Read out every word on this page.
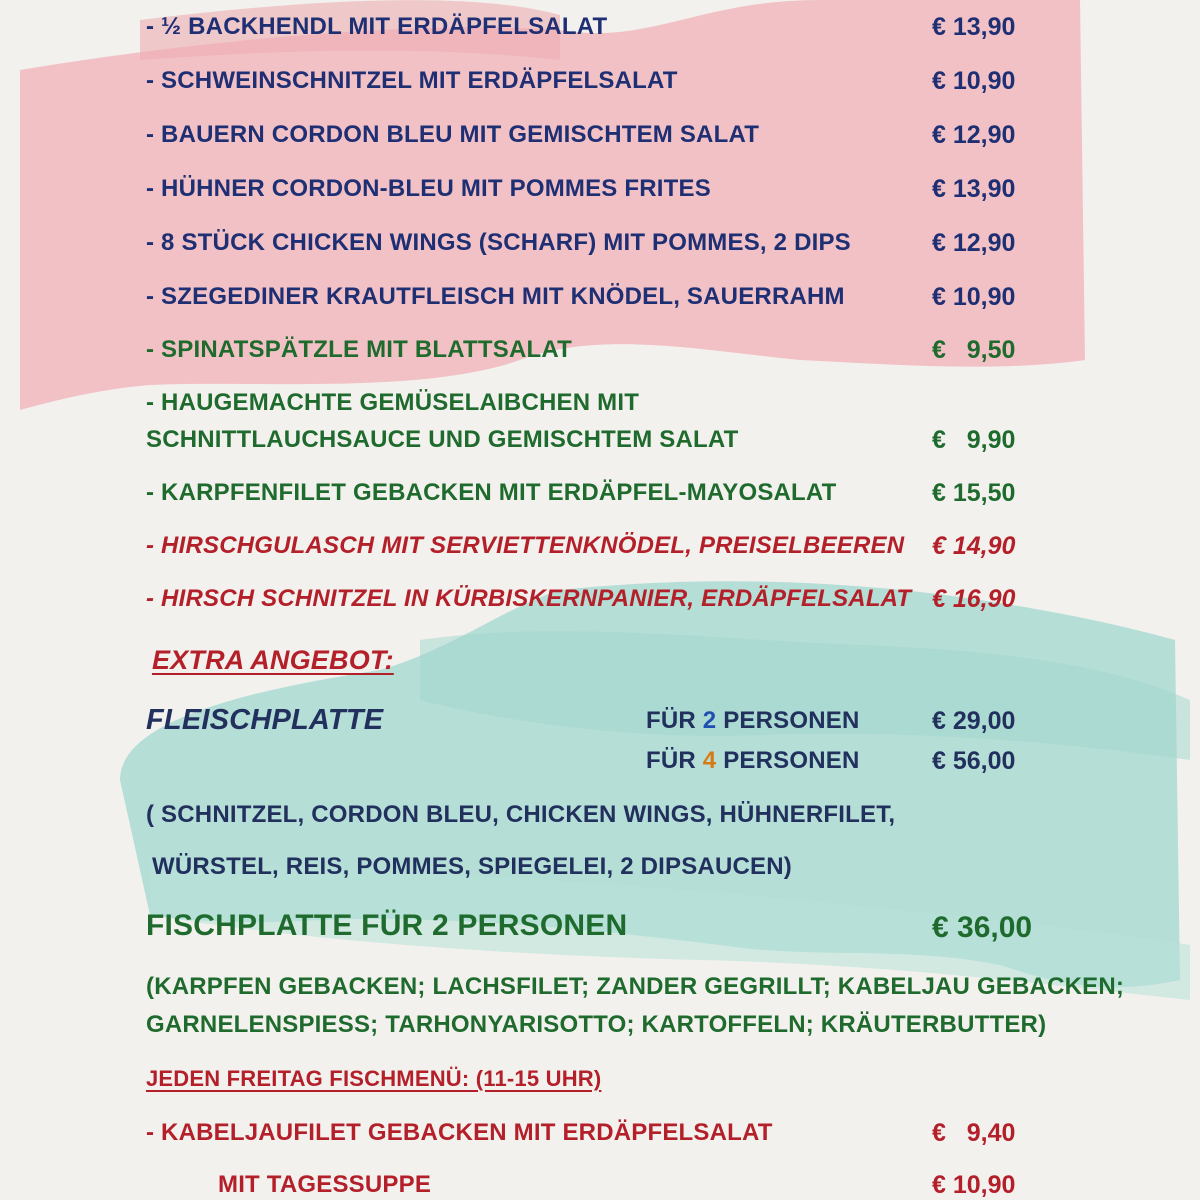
- ½ BACKHENDL MIT ERDÄPFELSALAT	€ 13,90
- SCHWEINSCHNITZEL MIT ERDÄPFELSALAT	€ 10,90
- BAUERN CORDON BLEU MIT GEMISCHTEM SALAT	€ 12,90
- HÜHNER CORDON-BLEU MIT POMMES FRITES	€ 13,90
- 8 STÜCK CHICKEN WINGS (SCHARF) MIT POMMES, 2 DIPS	€ 12,90
- SZEGEDINER KRAUTFLEISCH MIT KNÖDEL, SAUERRAHM	€ 10,90
- SPINATSPÄTZLE MIT BLATTSALAT	€   9,50
- HAUGEMACHTE GEMÜSELAIBCHEN MIT
SCHNITTLAUCHSAUCE UND GEMISCHTEM SALAT	€   9,90
- KARPFENFILET GEBACKEN MIT ERDÄPFEL-MAYOSALAT	€ 15,50
- HIRSCHGULASCH MIT SERVIETTENKNÖDEL, PREISELBEEREN € 14,90
- HIRSCH SCHNITZEL IN KÜRBISKERNPANIER, ERDÄPFELSALAT € 16,90
EXTRA ANGEBOT:
FLEISCHPLATTE	FÜR 2 PERSONEN	€ 29,00
FÜR 4 PERSONEN	€ 56,00
( SCHNITZEL, CORDON BLEU, CHICKEN WINGS, HÜHNERFILET,
WÜRSTEL, REIS, POMMES, SPIEGELEI, 2 DIPSAUCEN)
FISCHPLATTE FÜR 2 PERSONEN	€ 36,00
(KARPFEN GEBACKEN; LACHSFILET; ZANDER GEGRILLT; KABELJAU GEBACKEN;
GARNELENSPIESS; TARHONYARISOTTO; KARTOFFELN; KRÄUTERBUTTER)
JEDEN FREITAG FISCHMENÜ: (11-15 UHR)
- KABELJAUFILET GEBACKEN MIT ERDÄPFELSALAT	€   9,40
MIT TAGESSUPPE	€ 10,90
